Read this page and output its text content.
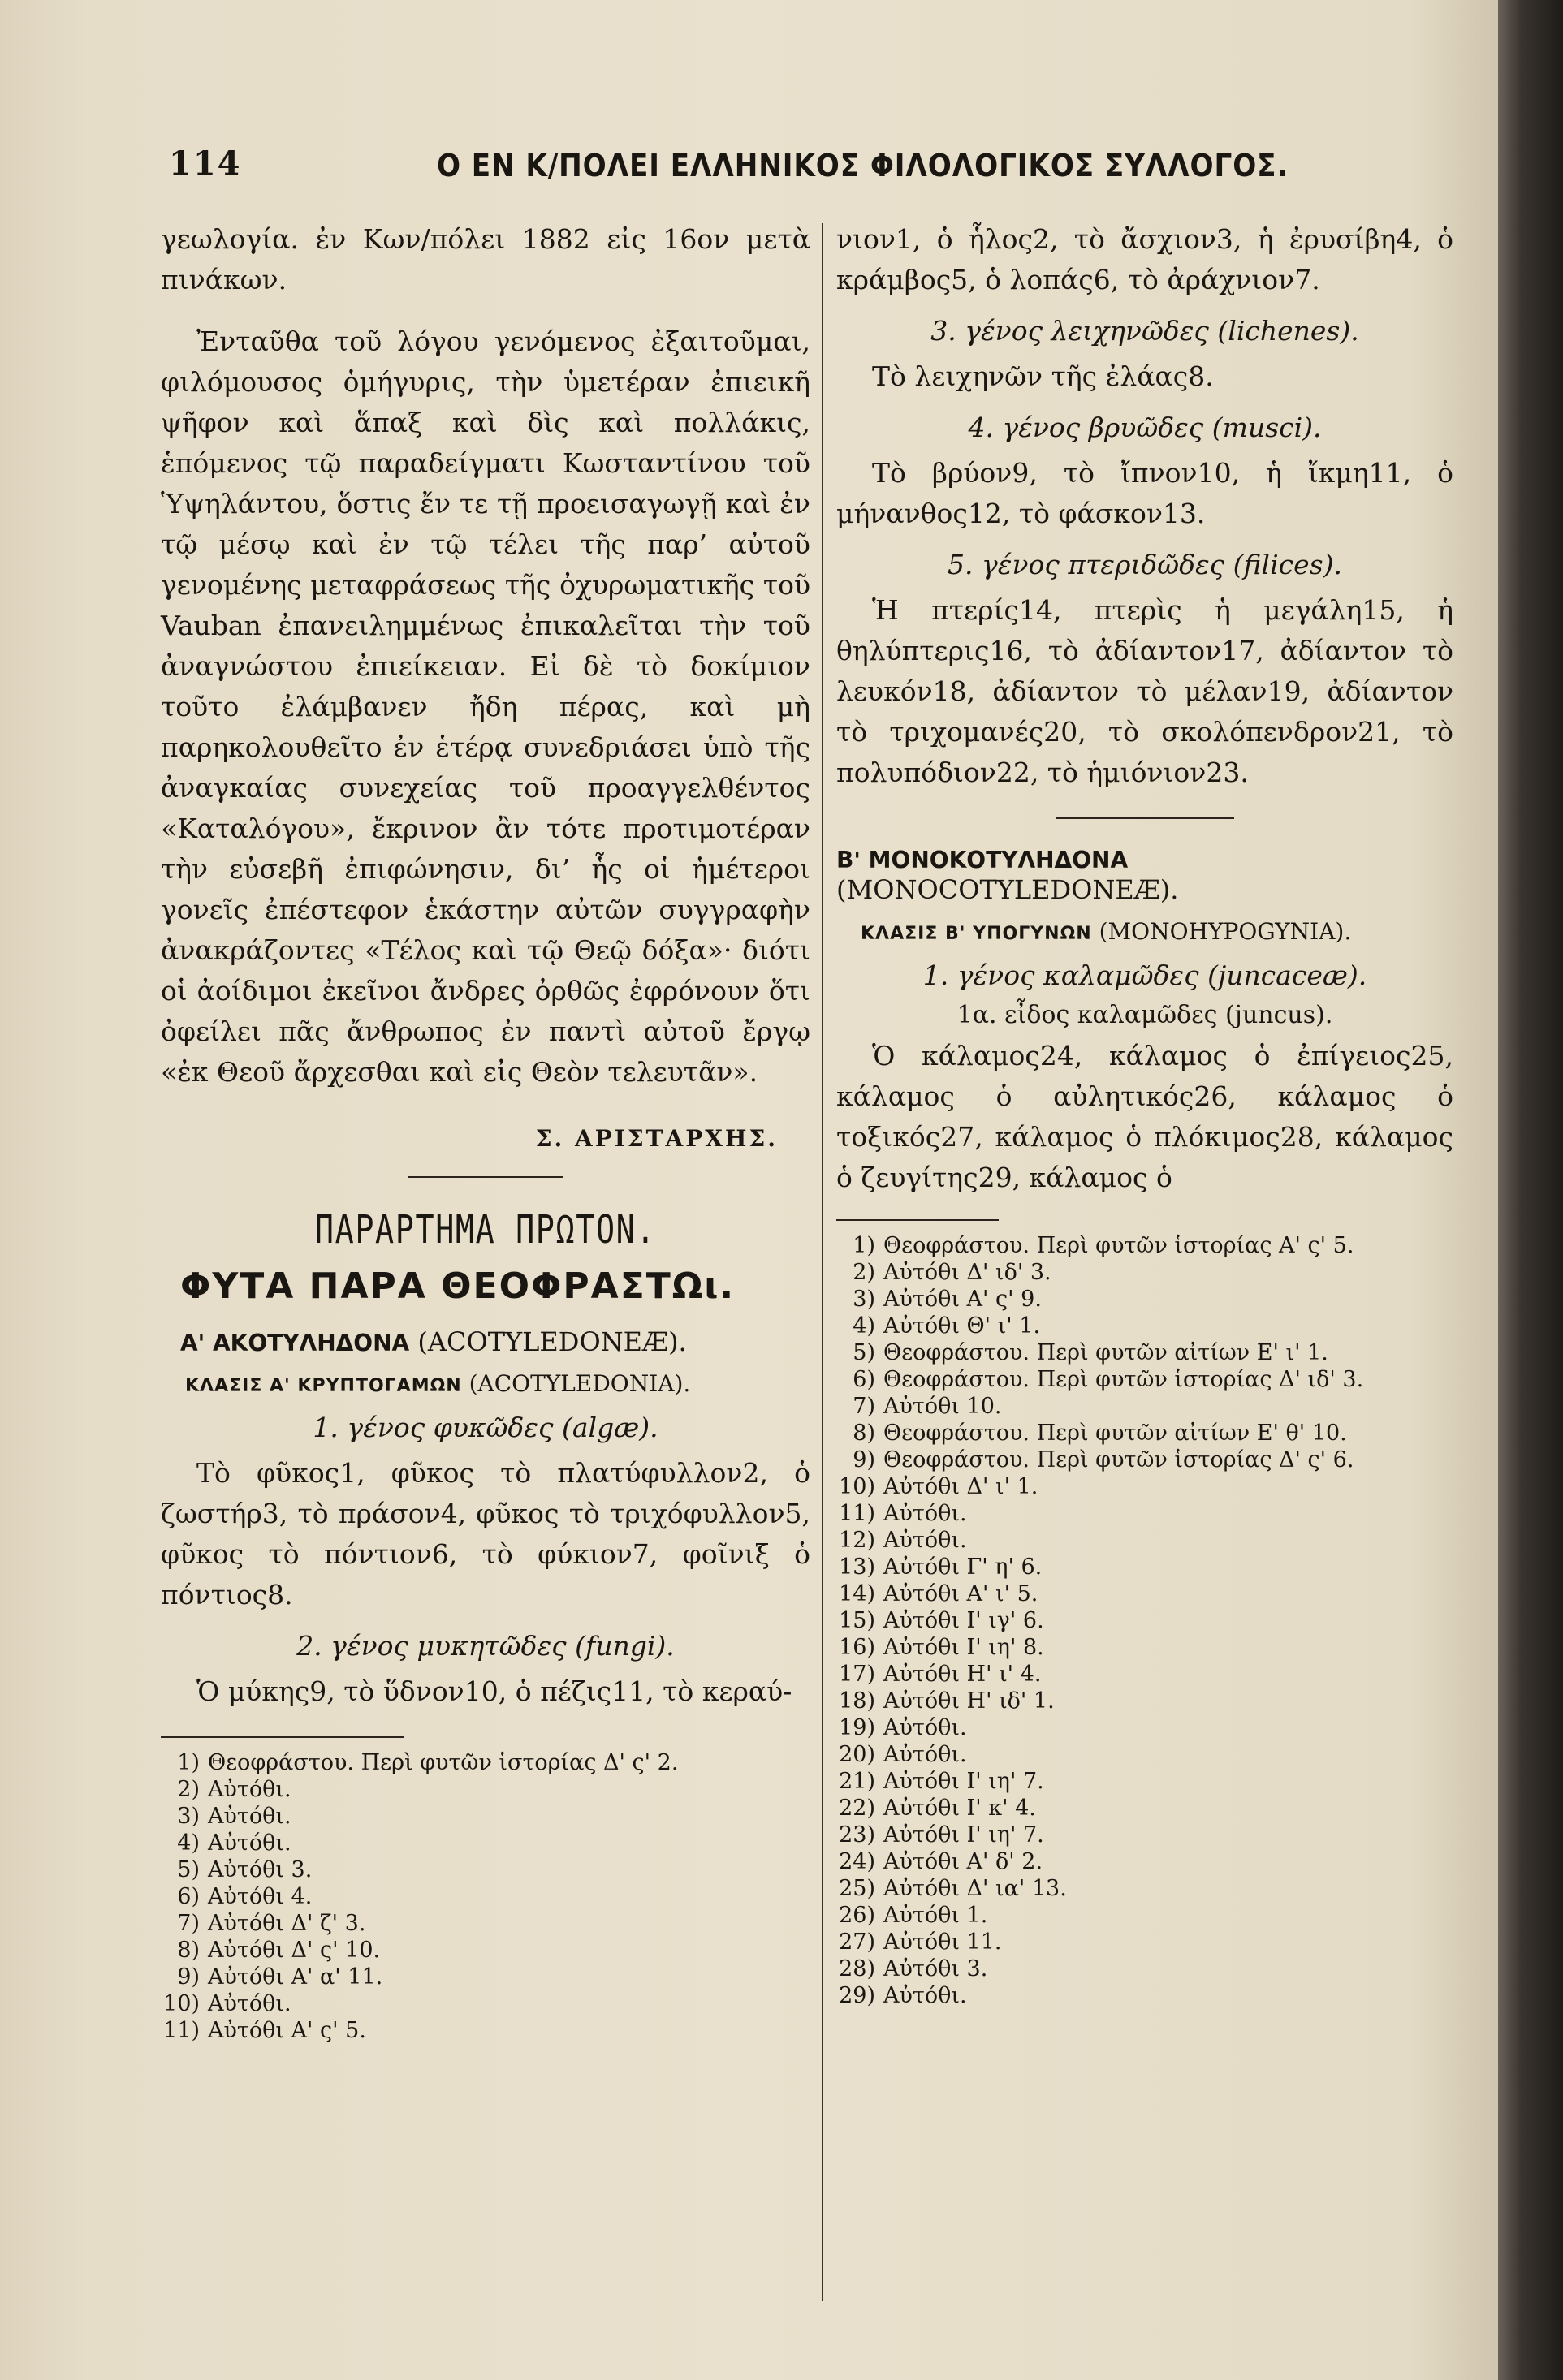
114	Ο ΕΝ Κ/ΠΟΛΕΙ ΕΛΛΗΝΙΚΟΣ ΦΙΛΟΛΟΓΙΚΟΣ ΣΥΛΛΟΓΟΣ.

γεωλογία. ἐν Κων/πόλει 1882 εἰς 16ον μετὰ πινάκων.

Ἐνταῦθα τοῦ λόγου γενόμενος ἐξαιτοῦμαι, φιλόμουσος ὁμήγυρις, τὴν ὑμετέραν ἐπιεικῆ ψῆφον καὶ ἅπαξ καὶ δὶς καὶ πολλάκις, ἑπόμενος τῷ παραδείγματι Κωσταντίνου τοῦ Ὑψηλάντου, ὅστις ἔν τε τῇ προεισαγωγῇ καὶ ἐν τῷ μέσῳ καὶ ἐν τῷ τέλει τῆς παρ’ αὐτοῦ γενομένης μεταφράσεως τῆς ὀχυρωματικῆς τοῦ Vauban ἐπανειλημμένως ἐπικαλεῖται τὴν τοῦ ἀναγνώστου ἐπιείκειαν. Εἰ δὲ τὸ δοκίμιον τοῦτο ἐλάμβανεν ἤδη πέρας, καὶ μὴ παρηκολουθεῖτο ἐν ἑτέρᾳ συνεδριάσει ὑπὸ τῆς ἀναγκαίας συνεχείας τοῦ προαγγελθέντος «Καταλόγου», ἔκρινον ἂν τότε προτιμοτέραν τὴν εὐσεβῆ ἐπιφώνησιν, δι’ ἧς οἱ ἡμέτεροι γονεῖς ἐπέστεφον ἑκάστην αὐτῶν συγγραφὴν ἀνακράζοντες «Τέλος καὶ τῷ Θεῷ δόξα»· διότι οἱ ἀοίδιμοι ἐκεῖνοι ἄνδρες ὀρθῶς ἐφρόνουν ὅτι ὀφείλει πᾶς ἄνθρωπος ἐν παντὶ αὐτοῦ ἔργῳ «ἐκ Θεοῦ ἄρχεσθαι καὶ εἰς Θεὸν τελευτᾶν».

Σ. ΑΡΙΣΤΑΡΧΗΣ.
ΠΑΡΑΡΤΗΜΑ ΠΡΩΤΟΝ.
ΦΥΤΑ ΠΑΡΑ ΘΕΟΦΡΑΣΤΩι.
Α' ΑΚΟΤΥΛΗΔΟΝΑ (ACOTYLEDONEÆ).
ΚΛΑΣΙΣ Α' ΚΡΥΠΤΟΓΑΜΩΝ (ACOTYLEDONIA).
1. γένος φυκῶδες (algæ).

Τὸ φῦκος1, φῦκος τὸ πλατύφυλλον2, ὁ ζωστήρ3, τὸ πράσον4, φῦκος τὸ τριχόφυλλον5, φῦκος τὸ πόντιον6, τὸ φύκιον7, φοῖνιξ ὁ πόντιος8.

2. γένος μυκητῶδες (fungi).

Ὁ μύκης9, τὸ ὕδνον10, ὁ πέζις11, τὸ κεραύ-

1) Θεοφράστου. Περὶ φυτῶν ἱστορίας Δ' ς' 2.

2) Αὐτόθι.

3) Αὐτόθι.

4) Αὐτόθι.

5) Αὐτόθι 3.

6) Αὐτόθι 4.

7) Αὐτόθι Δ' ζ' 3.

8) Αὐτόθι Δ' ς' 10.

9) Αὐτόθι Α' α' 11.

10) Αὐτόθι.

11) Αὐτόθι Α' ς' 5.

νιον1, ὁ ἧλος2, τὸ ἄσχιον3, ἡ ἐρυσίβη4, ὁ κράμβος5, ὁ λοπάς6, τὸ ἀράχνιον7.

3. γένος λειχηνῶδες (lichenes).

Τὸ λειχηνῶν τῆς ἐλάας8.

4. γένος βρυῶδες (musci).

Τὸ βρύον9, τὸ ἴπνον10, ἡ ἴκμη11, ὁ μήνανθος12, τὸ φάσκον13.

5. γένος πτεριδῶδες (filices).

Ἡ πτερίς14, πτερὶς ἡ μεγάλη15, ἡ θηλύπτερις16, τὸ ἀδίαντον17, ἀδίαντον τὸ λευκόν18, ἀδίαντον τὸ μέλαν19, ἀδίαντον τὸ τριχομανές20, τὸ σκολόπενδρον21, τὸ πολυπόδιον22, τὸ ἡμιόνιον23.

Β' ΜΟΝΟΚΟΤΥΛΗΔΟΝΑ (MONOCOTYLEDONEÆ).
ΚΛΑΣΙΣ Β' ΥΠΟΓΥΝΩΝ (MONOHYPOGYNIA).
1. γένος καλαμῶδες (juncaceæ).
1α. εἶδος καλαμῶδες (juncus).

Ὁ κάλαμος24, κάλαμος ὁ ἐπίγειος25, κάλαμος ὁ αὐλητικός26, κάλαμος ὁ τοξικός27, κάλαμος ὁ πλόκιμος28, κάλαμος ὁ ζευγίτης29, κάλαμος ὁ

1) Θεοφράστου. Περὶ φυτῶν ἱστορίας Α' ς' 5.

2) Αὐτόθι Δ' ιδ' 3.

3) Αὐτόθι Α' ς' 9.

4) Αὐτόθι Θ' ι' 1.

5) Θεοφράστου. Περὶ φυτῶν αἰτίων Ε' ι' 1.

6) Θεοφράστου. Περὶ φυτῶν ἱστορίας Δ' ιδ' 3.

7) Αὐτόθι 10.

8) Θεοφράστου. Περὶ φυτῶν αἰτίων Ε' θ' 10.

9) Θεοφράστου. Περὶ φυτῶν ἱστορίας Δ' ς' 6.

10) Αὐτόθι Δ' ι' 1.

11) Αὐτόθι.

12) Αὐτόθι.

13) Αὐτόθι Γ' η' 6.

14) Αὐτόθι Α' ι' 5.

15) Αὐτόθι Ι' ιγ' 6.

16) Αὐτόθι Ι' ιη' 8.

17) Αὐτόθι Η' ι' 4.

18) Αὐτόθι Η' ιδ' 1.

19) Αὐτόθι.

20) Αὐτόθι.

21) Αὐτόθι Ι' ιη' 7.

22) Αὐτόθι Ι' κ' 4.

23) Αὐτόθι Ι' ιη' 7.

24) Αὐτόθι Α' δ' 2.

25) Αὐτόθι Δ' ια' 13.

26) Αὐτόθι 1.

27) Αὐτόθι 11.

28) Αὐτόθι 3.

29) Αὐτόθι.
